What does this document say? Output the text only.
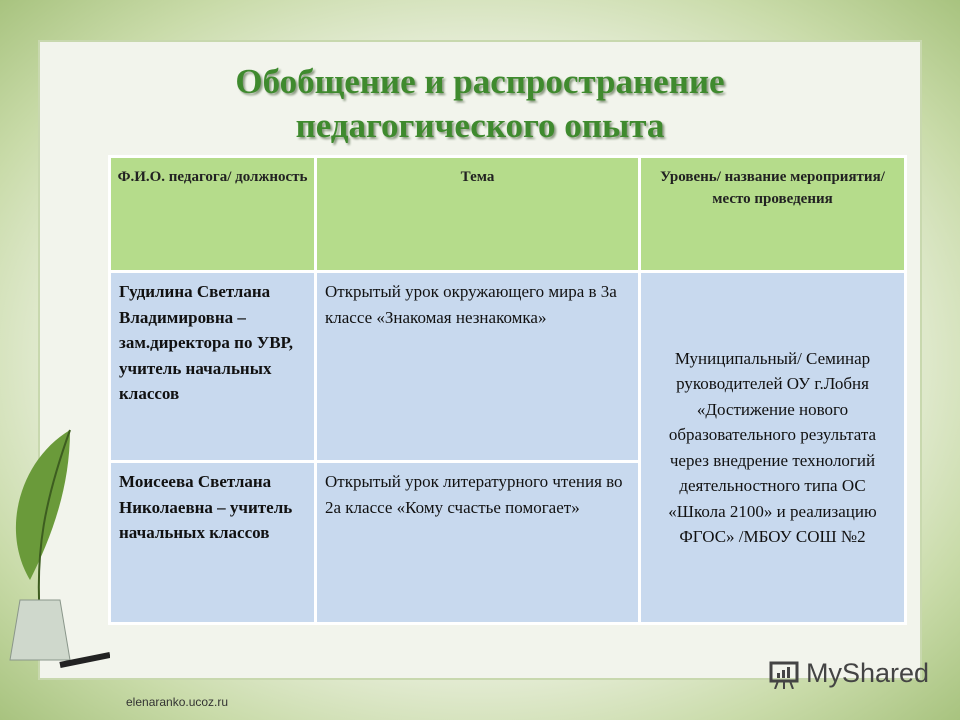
Обобщение и распространение
педагогического опыта
Ф.И.О. педагога/ должность	Тема	Уровень/ название мероприятия/ место проведения
Гудилина Светлана Владимировна – зам.директора по УВР, учитель начальных классов	Открытый урок окружающего мира в 3а классе «Знакомая незнакомка»	Муниципальный/ Семинар руководителей ОУ г.Лобня «Достижение нового образовательного результата через внедрение технологий деятельностного типа ОС «Школа 2100» и реализацию ФГОС» /МБОУ СОШ №2
Моисеева Светлана Николаевна – учитель начальных классов	Открытый урок литературного чтения во 2а классе «Кому счастье помогает»	
elenaranko.ucoz.ru
MyShared
